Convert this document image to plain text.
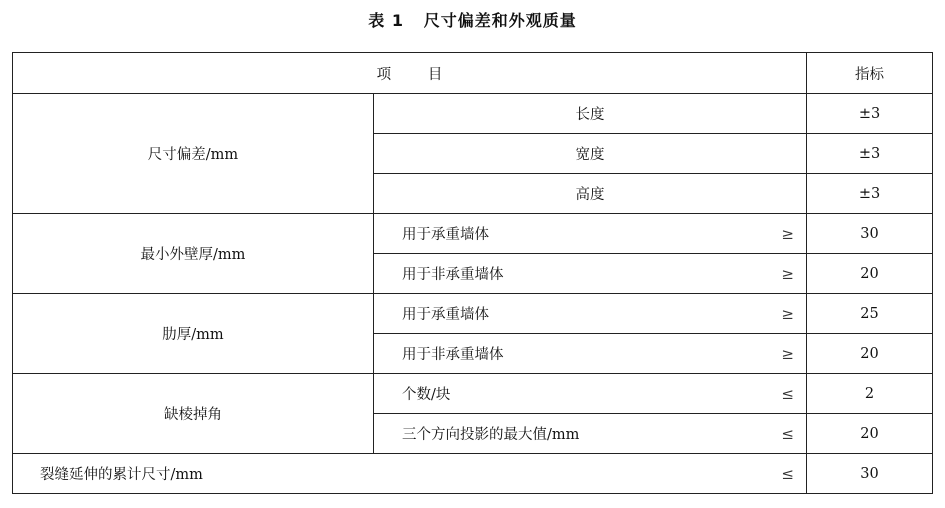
表 1   尺寸偏差和外观质量
项        目		指标
尺寸偏差/mm	长度	±3
	宽度	±3
	高度	±3
最小外壁厚/mm	用于承重墙体 ≥	30
	用于非承重墙体 ≥	20
肋厚/mm	用于承重墙体 ≥	25
	用于非承重墙体 ≥	20
缺棱掉角	个数/块 ≤	2
	三个方向投影的最大值/mm ≤	20
裂缝延伸的累计尺寸/mm ≤		30
